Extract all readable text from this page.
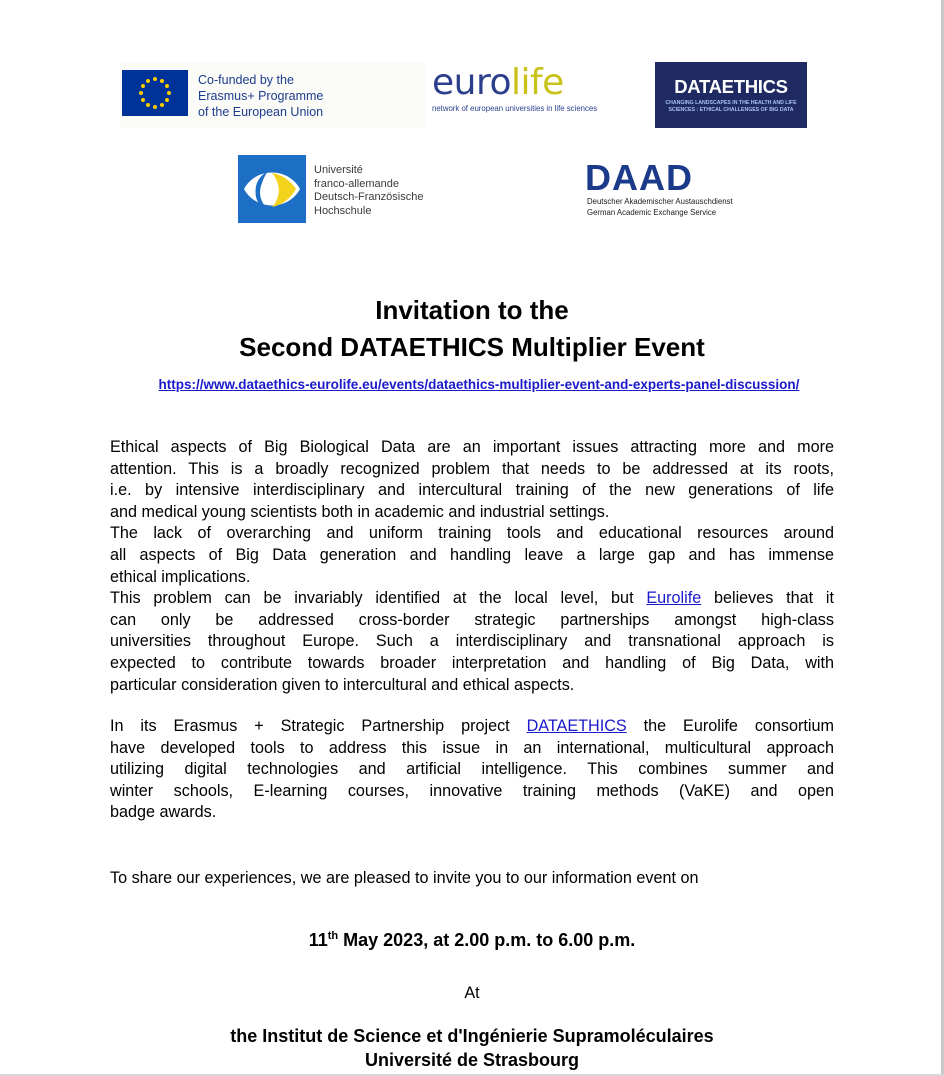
Co-funded by the
Erasmus+ Programme
of the European Union
eurolife
network of european universities in life sciences
DATAETHICS
CHANGING LANDSCAPES IN THE HEALTH AND LIFE SCIENCES : ETHICAL CHALLENGES OF BIG DATA
Université
franco-allemande
Deutsch-Französische
Hochschule
DAAD
Deutscher Akademischer Austauschdienst
German Academic Exchange Service
Invitation to the
Second DATAETHICS Multiplier Event
https://www.dataethics-eurolife.eu/events/dataethics-multiplier-event-and-experts-panel-discussion/
Ethical aspects of Big Biological Data are an important issues attracting more and more
attention. This is a broadly recognized problem that needs to be addressed at its roots,
i.e. by intensive interdisciplinary and intercultural training of the new generations of life
and medical young scientists both in academic and industrial settings.
The lack of overarching and uniform training tools and educational resources around
all aspects of Big Data generation and handling leave a large gap and has immense
ethical implications.
This problem can be invariably identified at the local level, but Eurolife believes that it
can only be addressed cross-border strategic partnerships amongst high-class
universities throughout Europe. Such a interdisciplinary and transnational approach is
expected to contribute towards broader interpretation and handling of Big Data, with
particular consideration given to intercultural and ethical aspects.
In its Erasmus + Strategic Partnership project DATAETHICS the Eurolife consortium
have developed tools to address this issue in an international, multicultural approach
utilizing digital technologies and artificial intelligence. This combines summer and
winter schools, E-learning courses, innovative training methods (VaKE) and open
badge awards.
To share our experiences, we are pleased to invite you to our information event on
11th May 2023, at 2.00 p.m. to 6.00 p.m.
At
the Institut de Science et d'Ingénierie Supramoléculaires
Université de Strasbourg
